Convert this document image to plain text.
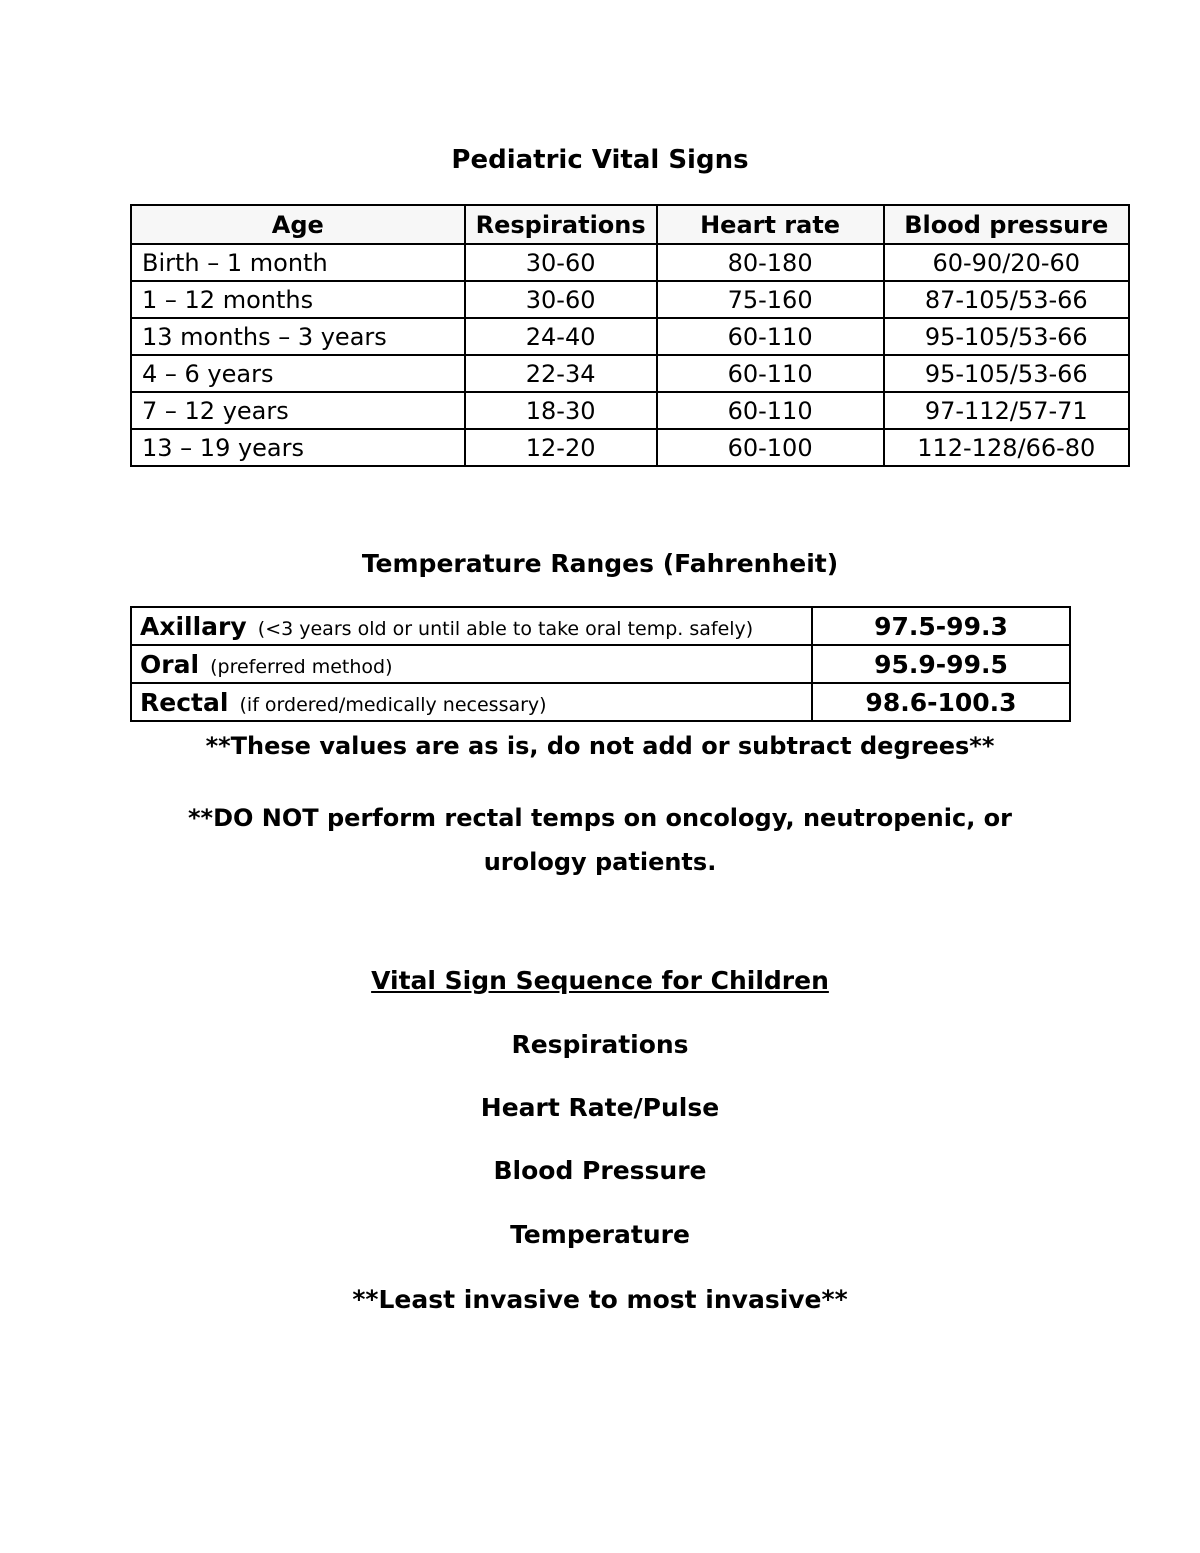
Pediatric Vital Signs
Age	Respirations	Heart rate	Blood pressure
Birth – 1 month	30-60	80-180	60-90/20-60
1 – 12 months	30-60	75-160	87-105/53-66
13 months – 3 years	24-40	60-110	95-105/53-66
4 – 6 years	22-34	60-110	95-105/53-66
7 – 12 years	18-30	60-110	97-112/57-71
13 – 19 years	12-20	60-100	112-128/66-80
Temperature Ranges (Fahrenheit)
Axillary (<3 years old or until able to take oral temp. safely)	97.5-99.3
Oral (preferred method)	95.9-99.5
Rectal (if ordered/medically necessary)	98.6-100.3
**These values are as is, do not add or subtract degrees**
**DO NOT perform rectal temps on oncology, neutropenic, or urology patients.
Vital Sign Sequence for Children
Respirations
Heart Rate/Pulse
Blood Pressure
Temperature
**Least invasive to most invasive**
